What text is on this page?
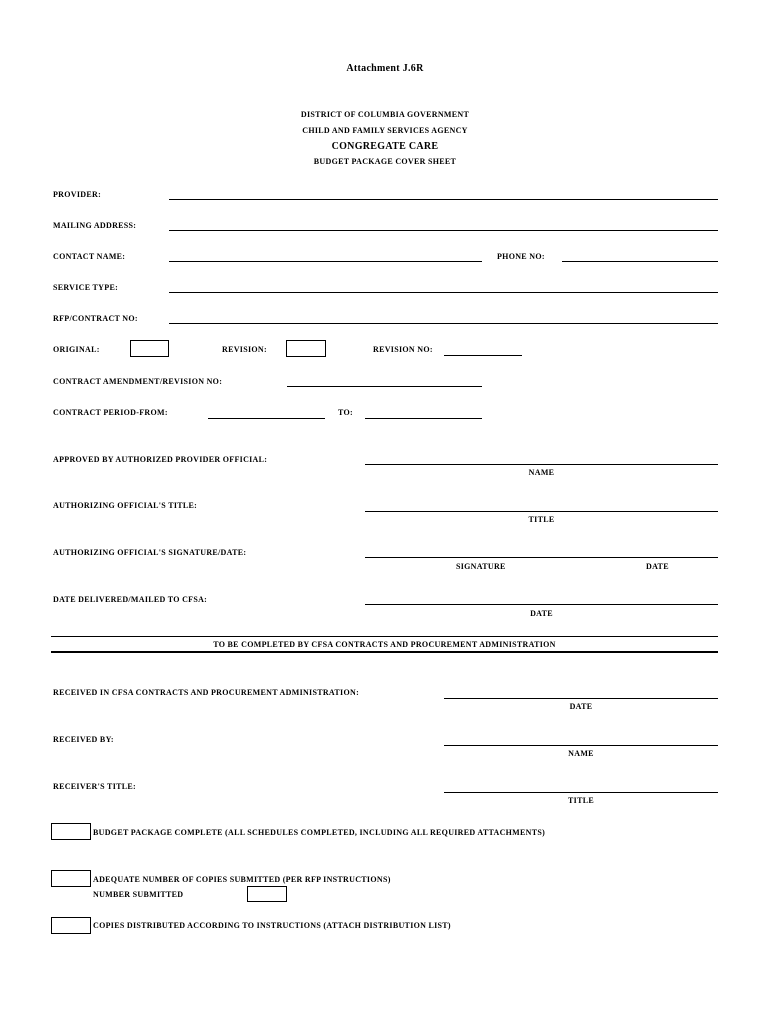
Attachment J.6R
DISTRICT OF COLUMBIA GOVERNMENT
CHILD AND FAMILY SERVICES AGENCY
CONGREGATE CARE
BUDGET PACKAGE COVER SHEET
PROVIDER:
MAILING ADDRESS:
CONTACT NAME:	PHONE NO:
SERVICE TYPE:
RFP/CONTRACT NO:
ORIGINAL:	REVISION:	REVISION NO:
CONTRACT AMENDMENT/REVISION NO:
CONTRACT PERIOD-FROM:	TO:
APPROVED BY AUTHORIZED PROVIDER OFFICIAL:
NAME
AUTHORIZING OFFICIAL'S TITLE:
TITLE
AUTHORIZING OFFICIAL'S SIGNATURE/DATE:
SIGNATURE	DATE
DATE DELIVERED/MAILED TO CFSA:
DATE
TO BE COMPLETED BY CFSA CONTRACTS AND PROCUREMENT ADMINISTRATION
RECEIVED IN CFSA CONTRACTS AND PROCUREMENT ADMINISTRATION:
DATE
RECEIVED BY:
NAME
RECEIVER'S TITLE:
TITLE
BUDGET PACKAGE COMPLETE (ALL SCHEDULES COMPLETED, INCLUDING ALL REQUIRED ATTACHMENTS)
ADEQUATE NUMBER OF COPIES SUBMITTED (PER RFP INSTRUCTIONS)
NUMBER SUBMITTED
COPIES DISTRIBUTED ACCORDING TO INSTRUCTIONS (ATTACH DISTRIBUTION LIST)
